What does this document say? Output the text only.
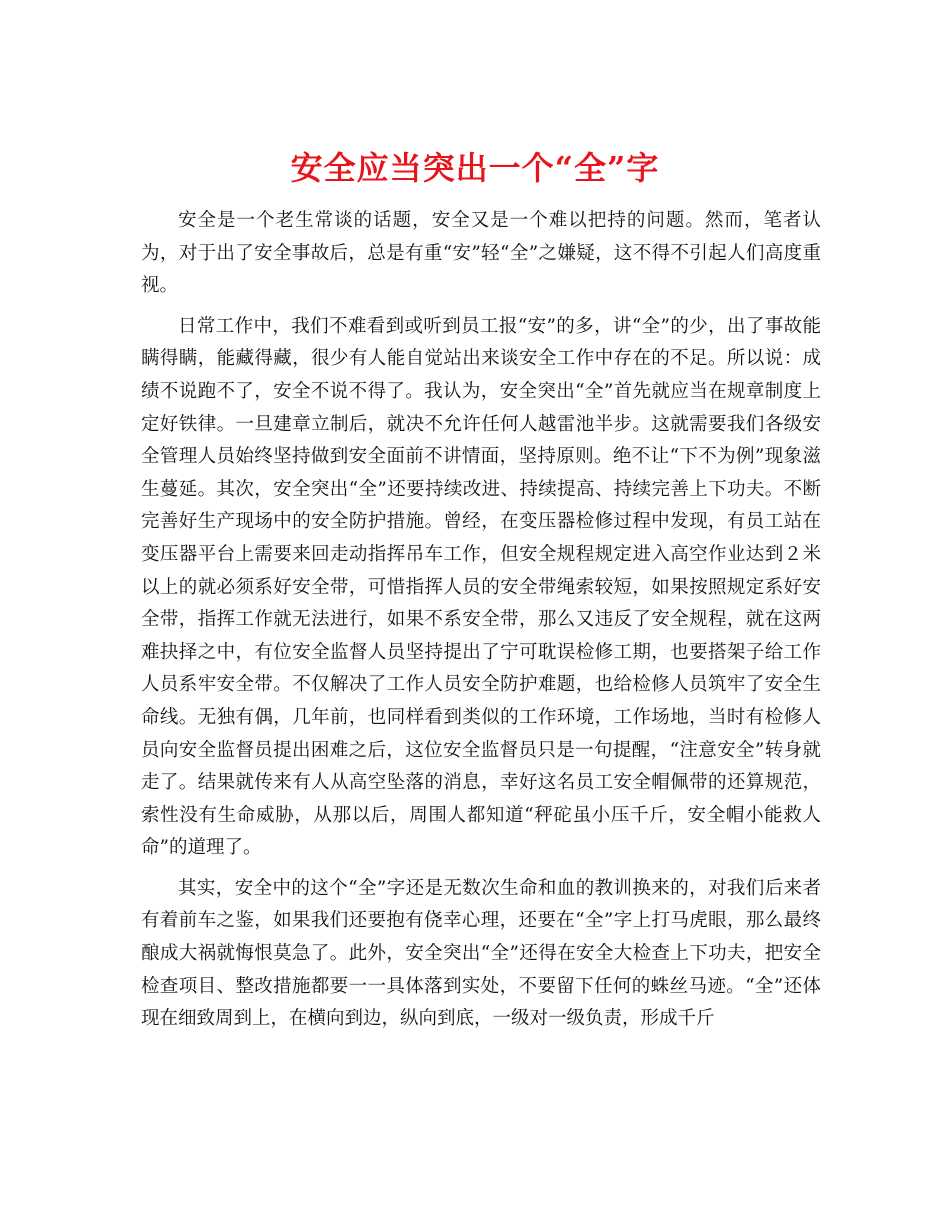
安全应当突出一个“全”字

安全是一个老生常谈的话题，安全又是一个难以把持的问题。然而，笔者认为，对于出了安全事故后，总是有重“安”轻“全”之嫌疑，这不得不引起人们高度重视。

日常工作中，我们不难看到或听到员工报“安”的多，讲“全”的少，出了事故能瞒得瞒，能藏得藏，很少有人能自觉站出来谈安全工作中存在的不足。所以说：成绩不说跑不了，安全不说不得了。我认为，安全突出“全”首先就应当在规章制度上定好铁律。一旦建章立制后，就决不允许任何人越雷池半步。这就需要我们各级安全管理人员始终坚持做到安全面前不讲情面，坚持原则。绝不让“下不为例”现象滋生蔓延。其次，安全突出“全”还要持续改进、持续提高、持续完善上下功夫。不断完善好生产现场中的安全防护措施。曾经，在变压器检修过程中发现，有员工站在变压器平台上需要来回走动指挥吊车工作，但安全规程规定进入高空作业达到２米以上的就必须系好安全带，可惜指挥人员的安全带绳索较短，如果按照规定系好安全带，指挥工作就无法进行，如果不系安全带，那么又违反了安全规程，就在这两难抉择之中，有位安全监督人员坚持提出了宁可耽误检修工期，也要搭架子给工作人员系牢安全带。不仅解决了工作人员安全防护难题，也给检修人员筑牢了安全生命线。无独有偶，几年前，也同样看到类似的工作环境，工作场地，当时有检修人员向安全监督员提出困难之后，这位安全监督员只是一句提醒，“注意安全”转身就走了。结果就传来有人从高空坠落的消息，幸好这名员工安全帽佩带的还算规范，索性没有生命威胁，从那以后，周围人都知道“秤砣虽小压千斤，安全帽小能救人命”的道理了。

其实，安全中的这个“全”字还是无数次生命和血的教训换来的，对我们后来者有着前车之鉴，如果我们还要抱有侥幸心理，还要在“全”字上打马虎眼，那么最终酿成大祸就悔恨莫急了。此外，安全突出“全”还得在安全大检查上下功夫，把安全检查项目、整改措施都要一一具体落到实处，不要留下任何的蛛丝马迹。“全”还体现在细致周到上，在横向到边，纵向到底，一级对一级负责，形成千斤
